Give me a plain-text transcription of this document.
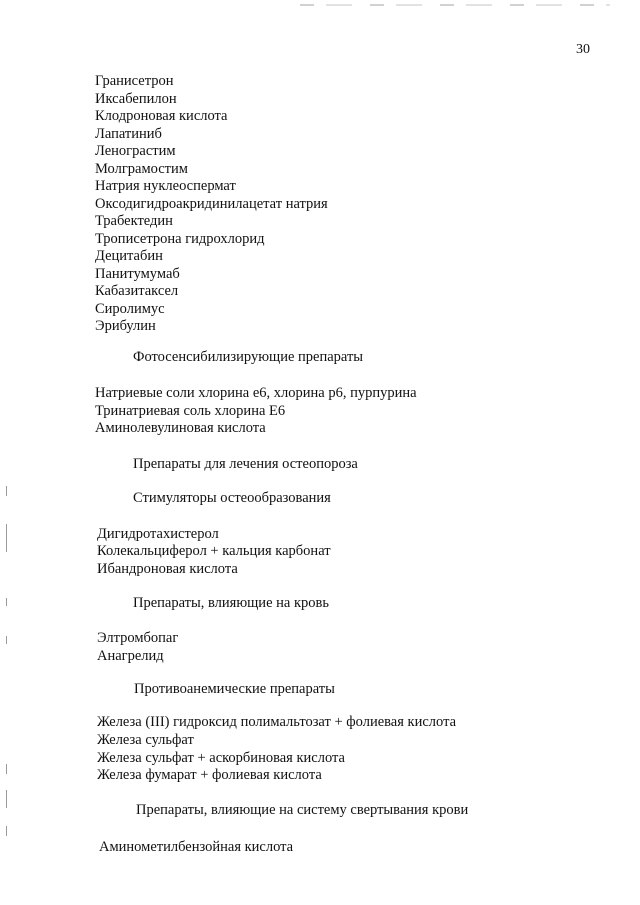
30
Гранисетрон
Иксабепилон
Клодроновая кислота
Лапатиниб
Ленограстим
Молграмостим
Натрия нуклеоспермат
Оксодигидроакридинилацетат натрия
Трабектедин
Трописетрона гидрохлорид
Децитабин
Панитумумаб
Кабазитаксел
Сиролимус
Эрибулин
Фотосенсибилизирующие препараты
Натриевые соли хлорина е6, хлорина р6, пурпурина
Тринатриевая соль хлорина Е6
Аминолевулиновая кислота
Препараты для лечения остеопороза
Стимуляторы остеообразования
Дигидротахистерол
Колекальциферол + кальция карбонат
Ибандроновая кислота
Препараты, влияющие на кровь
Элтромбопаг
Анагрелид
Противоанемические препараты
Железа (III) гидроксид полимальтозат + фолиевая кислота
Железа сульфат
Железа сульфат + аскорбиновая кислота
Железа фумарат + фолиевая кислота
Препараты, влияющие на систему свертывания крови
Аминометилбензойная кислота
